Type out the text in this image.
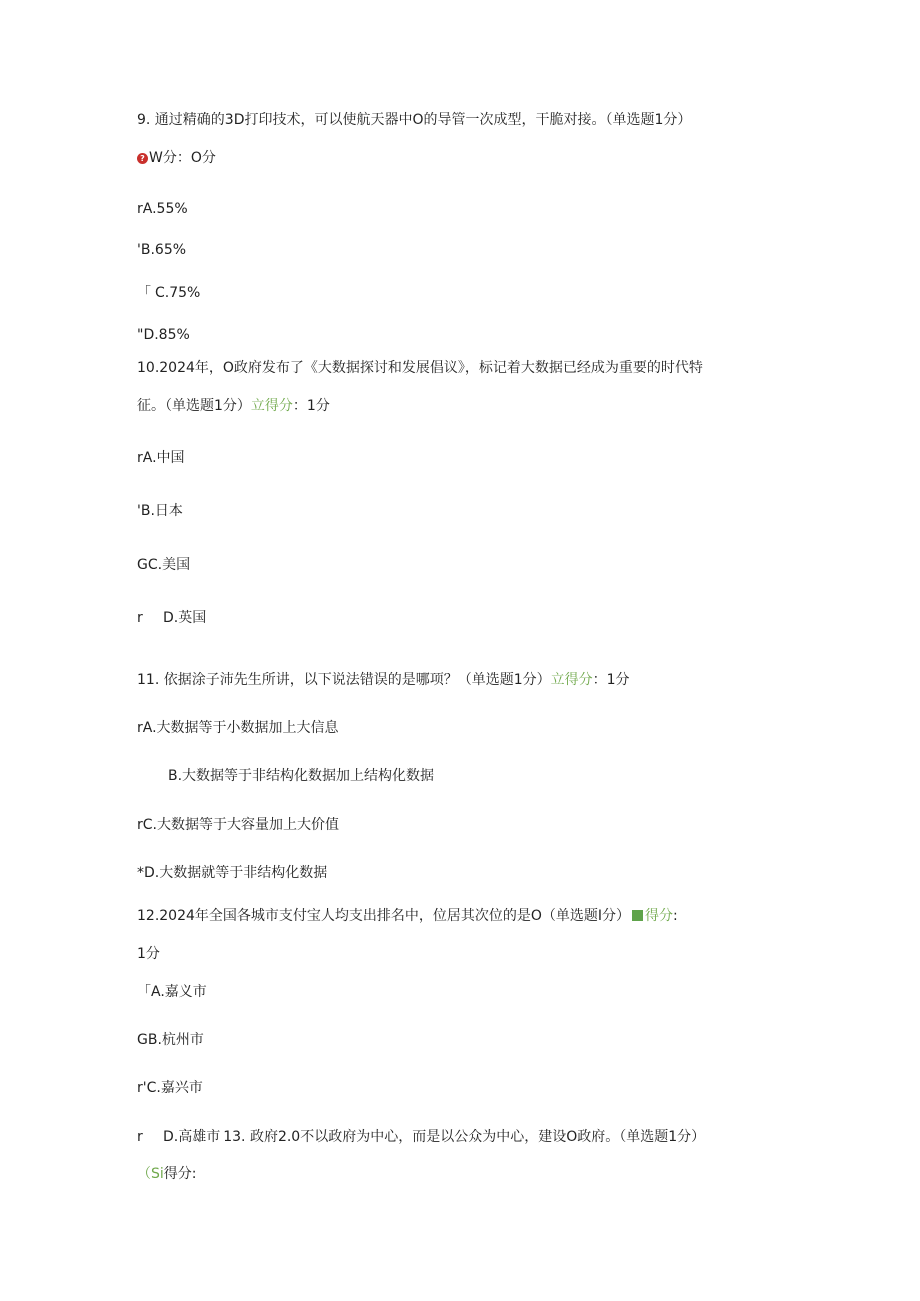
9. 通过精确的3D打印技术，可以使航天器中O的导管一次成型，干脆对接。（单选题1分）
? W分：O分
rA.55%
'B.65%
「 C.75%
"D.85%
10.2024年，O政府发布了《大数据探讨和发展倡议》，标记着大数据已经成为重要的时代特
征。（单选题1分）立得分：1分
rA.中国
'B.日本
GC.美国
r D.英国
11. 依据涂子沛先生所讲，以下说法错误的是哪项？（单选题1分）立得分：1分
rA.大数据等于小数据加上大信息
B.大数据等于非结构化数据加上结构化数据
rC.大数据等于大容量加上大价值
*D.大数据就等于非结构化数据
12.2024年全国各城市支付宝人均支出排名中，位居其次位的是O（单选题I分） 得分:
1分
「A.嘉义市
GB.杭州市
r'C.嘉兴市
r D.高雄市 13. 政府2.0不以政府为中心，而是以公众为中心，建设O政府。（单选题1分）
（Si得分:
